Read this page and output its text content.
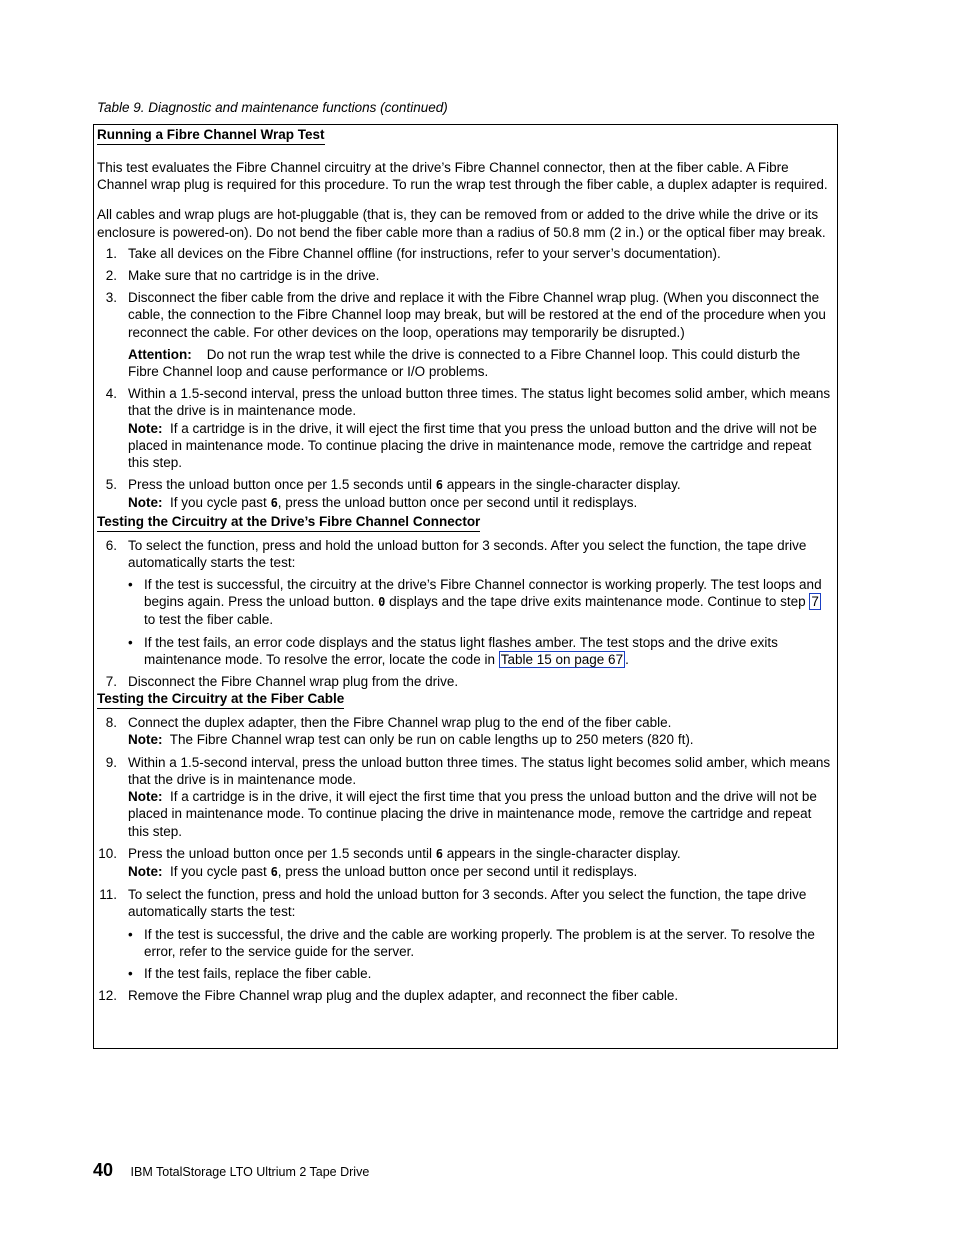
Table 9. Diagnostic and maintenance functions (continued)
Running a Fibre Channel Wrap Test

This test evaluates the Fibre Channel circuitry at the drive’s Fibre Channel connector, then at the fiber cable. A Fibre Channel wrap plug is required for this procedure. To run the wrap test through the fiber cable, a duplex adapter is required.

All cables and wrap plugs are hot-pluggable (that is, they can be removed from or added to the drive while the drive or its enclosure is powered-on). Do not bend the fiber cable more than a radius of 50.8 mm (2 in.) or the optical fiber may break.

1. Take all devices on the Fibre Channel offline (for instructions, refer to your server’s documentation).
2. Make sure that no cartridge is in the drive.
3. Disconnect the fiber cable from the drive and replace it with the Fibre Channel wrap plug. (When you disconnect the cable, the connection to the Fibre Channel loop may break, but will be restored at the end of the procedure when you reconnect the cable. For other devices on the loop, operations may temporarily be disrupted.)
Attention: Do not run the wrap test while the drive is connected to a Fibre Channel loop. This could disturb the Fibre Channel loop and cause performance or I/O problems.
4. Within a 1.5-second interval, press the unload button three times. The status light becomes solid amber, which means that the drive is in maintenance mode.
Note: If a cartridge is in the drive, it will eject the first time that you press the unload button and the drive will not be placed in maintenance mode. To continue placing the drive in maintenance mode, remove the cartridge and repeat this step.
5. Press the unload button once per 1.5 seconds until 6 appears in the single-character display.
Note: If you cycle past 6, press the unload button once per second until it redisplays.
Testing the Circuitry at the Drive’s Fibre Channel Connector
6. To select the function, press and hold the unload button for 3 seconds. After you select the function, the tape drive automatically starts the test:
• If the test is successful, the circuitry at the drive’s Fibre Channel connector is working properly. The test loops and begins again. Press the unload button. 0 displays and the tape drive exits maintenance mode. Continue to step 7 to test the fiber cable.
• If the test fails, an error code displays and the status light flashes amber. The test stops and the drive exits maintenance mode. To resolve the error, locate the code in Table 15 on page 67 .
7. Disconnect the Fibre Channel wrap plug from the drive.
Testing the Circuitry at the Fiber Cable
8. Connect the duplex adapter, then the Fibre Channel wrap plug to the end of the fiber cable.
Note: The Fibre Channel wrap test can only be run on cable lengths up to 250 meters (820 ft).
9. Within a 1.5-second interval, press the unload button three times. The status light becomes solid amber, which means that the drive is in maintenance mode.
Note: If a cartridge is in the drive, it will eject the first time that you press the unload button and the drive will not be placed in maintenance mode. To continue placing the drive in maintenance mode, remove the cartridge and repeat this step.
10. Press the unload button once per 1.5 seconds until 6 appears in the single-character display.
Note: If you cycle past 6, press the unload button once per second until it redisplays.
11. To select the function, press and hold the unload button for 3 seconds. After you select the function, the tape drive automatically starts the test:
• If the test is successful, the drive and the cable are working properly. The problem is at the server. To resolve the error, refer to the service guide for the server.
• If the test fails, replace the fiber cable.
12. Remove the Fibre Channel wrap plug and the duplex adapter, and reconnect the fiber cable.
40 IBM TotalStorage LTO Ultrium 2 Tape Drive
